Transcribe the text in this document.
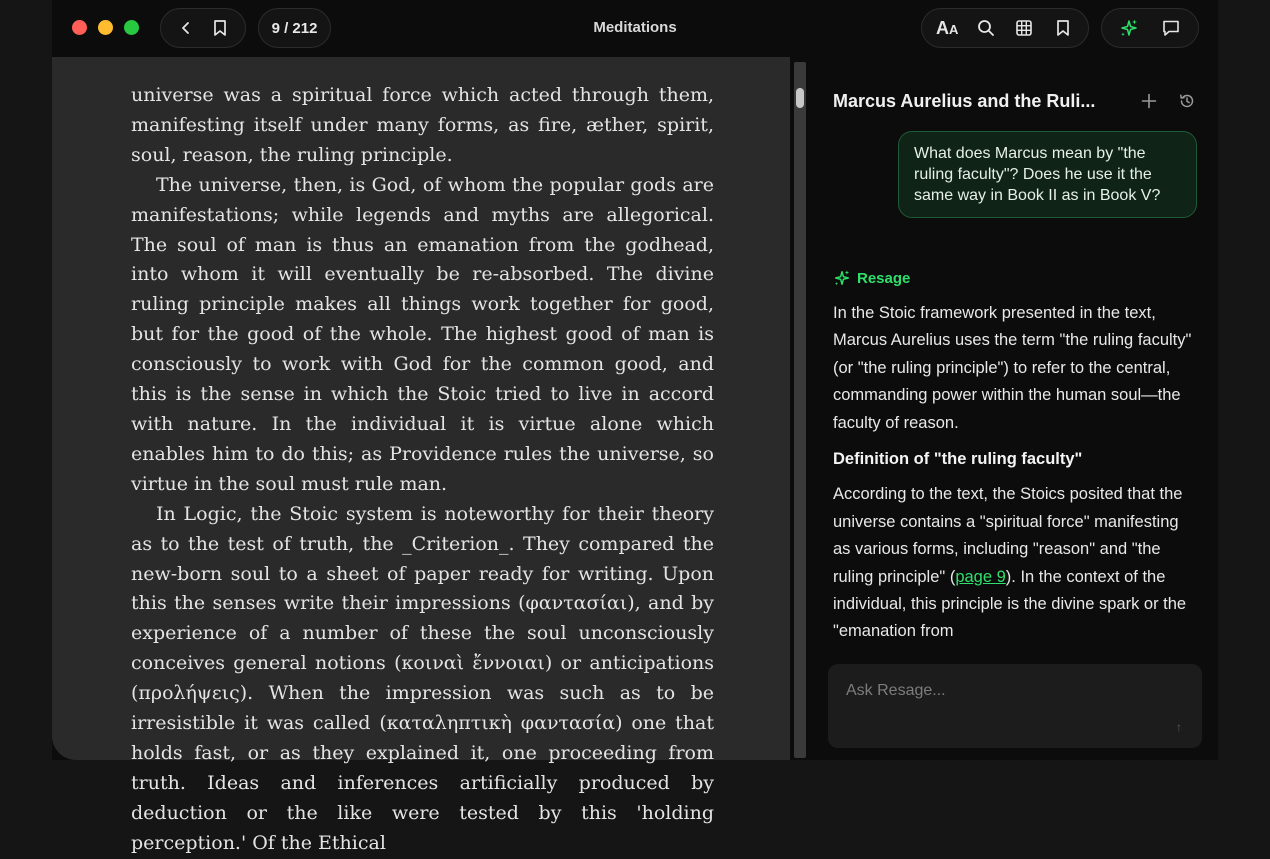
9 / 212	Meditations	AA

universe was a spiritual force which acted through them, manifesting itself under many forms, as fire, æther, spirit, soul, reason, the ruling principle.

The universe, then, is God, of whom the popular gods are manifestations; while legends and myths are allegorical. The soul of man is thus an emanation from the godhead, into whom it will eventually be re-absorbed. The divine ruling principle makes all things work together for good, but for the good of the whole. The highest good of man is consciously to work with God for the common good, and this is the sense in which the Stoic tried to live in accord with nature. In the individual it is virtue alone which enables him to do this; as Providence rules the universe, so virtue in the soul must rule man.

In Logic, the Stoic system is noteworthy for their theory as to the test of truth, the _Criterion_. They compared the new-born soul to a sheet of paper ready for writing. Upon this the senses write their impressions (φαντασίαι), and by experience of a number of these the soul unconsciously conceives general notions (κοιναὶ ἔννοιαι) or anticipations (προλήψεις). When the impression was such as to be irresistible it was called (καταληπτικὴ φαντασία) one that holds fast, or as they explained it, one proceeding from truth. Ideas and inferences artificially produced by deduction or the like were tested by this 'holding perception.' Of the Ethical

Marcus Aurelius and the Ruli...
What does Marcus mean by "the ruling faculty"? Does he use it the same way in Book II as in Book V?
Resage

In the Stoic framework presented in the text, Marcus Aurelius uses the term "the ruling faculty" (or "the ruling principle") to refer to the central, commanding power within the human soul—the faculty of reason.

Definition of "the ruling faculty"

According to the text, the Stoics posited that the universe contains a "spiritual force" manifesting as various forms, including "reason" and "the ruling principle" (page 9). In the context of the individual, this principle is the divine spark or the "emanation from

Ask Resage...
↑
